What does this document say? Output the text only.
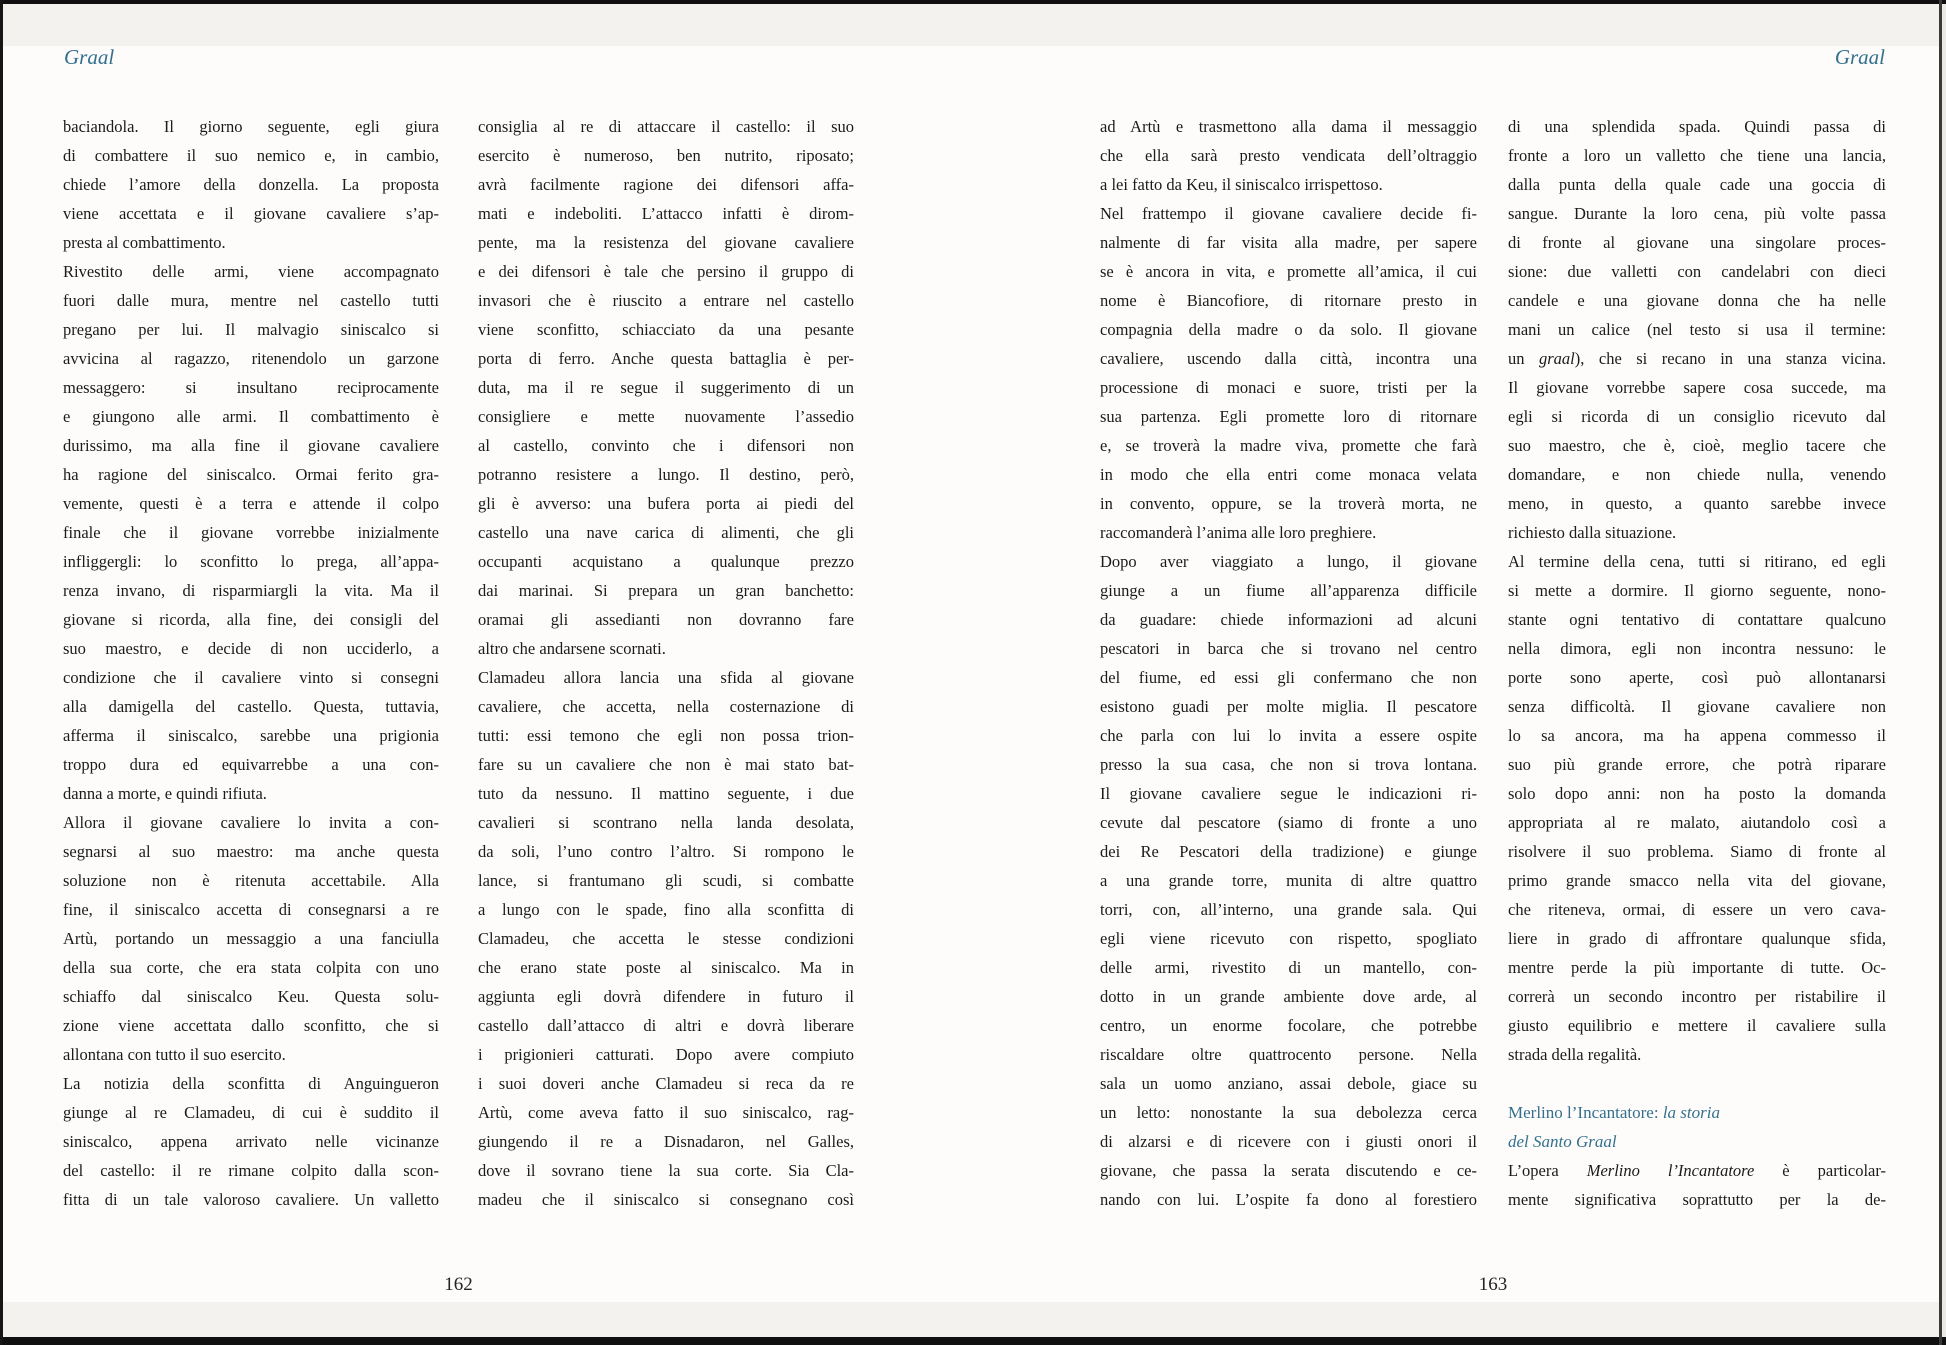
Graal	Graal
baciandola. Il giorno seguente, egli giura
di combattere il suo nemico e, in cambio,
chiede l’amore della donzella. La proposta
viene accettata e il giovane cavaliere s’ap-
presta al combattimento.
Rivestito delle armi, viene accompagnato
fuori dalle mura, mentre nel castello tutti
pregano per lui. Il malvagio siniscalco si
avvicina al ragazzo, ritenendolo un garzone
messaggero: si insultano reciprocamente
e giungono alle armi. Il combattimento è
durissimo, ma alla fine il giovane cavaliere
ha ragione del siniscalco. Ormai ferito gra-
vemente, questi è a terra e attende il colpo
finale che il giovane vorrebbe inizialmente
infliggergli: lo sconfitto lo prega, all’appa-
renza invano, di risparmiargli la vita. Ma il
giovane si ricorda, alla fine, dei consigli del
suo maestro, e decide di non ucciderlo, a
condizione che il cavaliere vinto si consegni
alla damigella del castello. Questa, tuttavia,
afferma il siniscalco, sarebbe una prigionia
troppo dura ed equivarrebbe a una con-
danna a morte, e quindi rifiuta.
Allora il giovane cavaliere lo invita a con-
segnarsi al suo maestro: ma anche questa
soluzione non è ritenuta accettabile. Alla
fine, il siniscalco accetta di consegnarsi a re
Artù, portando un messaggio a una fanciulla
della sua corte, che era stata colpita con uno
schiaffo dal siniscalco Keu. Questa solu-
zione viene accettata dallo sconfitto, che si
allontana con tutto il suo esercito.
La notizia della sconfitta di Anguingueron
giunge al re Clamadeu, di cui è suddito il
siniscalco, appena arrivato nelle vicinanze
del castello: il re rimane colpito dalla scon-
fitta di un tale valoroso cavaliere. Un valletto
consiglia al re di attaccare il castello: il suo
esercito è numeroso, ben nutrito, riposato;
avrà facilmente ragione dei difensori affa-
mati e indeboliti. L’attacco infatti è dirom-
pente, ma la resistenza del giovane cavaliere
e dei difensori è tale che persino il gruppo di
invasori che è riuscito a entrare nel castello
viene sconfitto, schiacciato da una pesante
porta di ferro. Anche questa battaglia è per-
duta, ma il re segue il suggerimento di un
consigliere e mette nuovamente l’assedio
al castello, convinto che i difensori non
potranno resistere a lungo. Il destino, però,
gli è avverso: una bufera porta ai piedi del
castello una nave carica di alimenti, che gli
occupanti acquistano a qualunque prezzo
dai marinai. Si prepara un gran banchetto:
oramai gli assedianti non dovranno fare
altro che andarsene scornati.
Clamadeu allora lancia una sfida al giovane
cavaliere, che accetta, nella costernazione di
tutti: essi temono che egli non possa trion-
fare su un cavaliere che non è mai stato bat-
tuto da nessuno. Il mattino seguente, i due
cavalieri si scontrano nella landa desolata,
da soli, l’uno contro l’altro. Si rompono le
lance, si frantumano gli scudi, si combatte
a lungo con le spade, fino alla sconfitta di
Clamadeu, che accetta le stesse condizioni
che erano state poste al siniscalco. Ma in
aggiunta egli dovrà difendere in futuro il
castello dall’attacco di altri e dovrà liberare
i prigionieri catturati. Dopo avere compiuto
i suoi doveri anche Clamadeu si reca da re
Artù, come aveva fatto il suo siniscalco, rag-
giungendo il re a Disnadaron, nel Galles,
dove il sovrano tiene la sua corte. Sia Cla-
madeu che il siniscalco si consegnano così
ad Artù e trasmettono alla dama il messaggio
che ella sarà presto vendicata dell’oltraggio
a lei fatto da Keu, il siniscalco irrispettoso.
Nel frattempo il giovane cavaliere decide fi-
nalmente di far visita alla madre, per sapere
se è ancora in vita, e promette all’amica, il cui
nome è Biancofiore, di ritornare presto in
compagnia della madre o da solo. Il giovane
cavaliere, uscendo dalla città, incontra una
processione di monaci e suore, tristi per la
sua partenza. Egli promette loro di ritornare
e, se troverà la madre viva, promette che farà
in modo che ella entri come monaca velata
in convento, oppure, se la troverà morta, ne
raccomanderà l’anima alle loro preghiere.
Dopo aver viaggiato a lungo, il giovane
giunge a un fiume all’apparenza difficile
da guadare: chiede informazioni ad alcuni
pescatori in barca che si trovano nel centro
del fiume, ed essi gli confermano che non
esistono guadi per molte miglia. Il pescatore
che parla con lui lo invita a essere ospite
presso la sua casa, che non si trova lontana.
Il giovane cavaliere segue le indicazioni ri-
cevute dal pescatore (siamo di fronte a uno
dei Re Pescatori della tradizione) e giunge
a una grande torre, munita di altre quattro
torri, con, all’interno, una grande sala. Qui
egli viene ricevuto con rispetto, spogliato
delle armi, rivestito di un mantello, con-
dotto in un grande ambiente dove arde, al
centro, un enorme focolare, che potrebbe
riscaldare oltre quattrocento persone. Nella
sala un uomo anziano, assai debole, giace su
un letto: nonostante la sua debolezza cerca
di alzarsi e di ricevere con i giusti onori il
giovane, che passa la serata discutendo e ce-
nando con lui. L’ospite fa dono al forestiero
di una splendida spada. Quindi passa di
fronte a loro un valletto che tiene una lancia,
dalla punta della quale cade una goccia di
sangue. Durante la loro cena, più volte passa
di fronte al giovane una singolare proces-
sione: due valletti con candelabri con dieci
candele e una giovane donna che ha nelle
mani un calice (nel testo si usa il termine:
un graal), che si recano in una stanza vicina.
Il giovane vorrebbe sapere cosa succede, ma
egli si ricorda di un consiglio ricevuto dal
suo maestro, che è, cioè, meglio tacere che
domandare, e non chiede nulla, venendo
meno, in questo, a quanto sarebbe invece
richiesto dalla situazione.
Al termine della cena, tutti si ritirano, ed egli
si mette a dormire. Il giorno seguente, nono-
stante ogni tentativo di contattare qualcuno
nella dimora, egli non incontra nessuno: le
porte sono aperte, così può allontanarsi
senza difficoltà. Il giovane cavaliere non
lo sa ancora, ma ha appena commesso il
suo più grande errore, che potrà riparare
solo dopo anni: non ha posto la domanda
appropriata al re malato, aiutandolo così a
risolvere il suo problema. Siamo di fronte al
primo grande smacco nella vita del giovane,
che riteneva, ormai, di essere un vero cava-
liere in grado di affrontare qualunque sfida,
mentre perde la più importante di tutte. Oc-
correrà un secondo incontro per ristabilire il
giusto equilibrio e mettere il cavaliere sulla
strada della regalità.
Merlino l’Incantatore: la storia
del Santo Graal
L’opera Merlino l’Incantatore è particolar-
mente significativa soprattutto per la de-
162	163
